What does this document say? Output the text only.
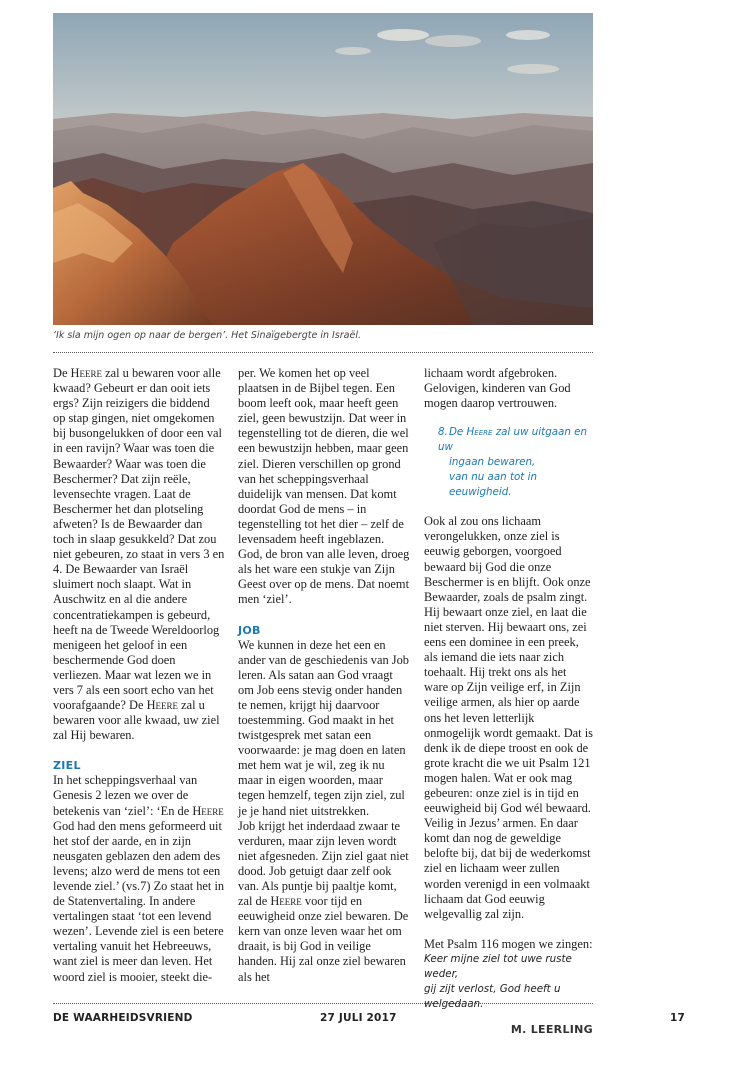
‘Ik sla mijn ogen op naar de bergen’. Het Sinaïgebergte in Israël.

De Heere zal u bewaren voor alle kwaad? Gebeurt er dan ooit iets ergs? Zijn reizigers die biddend op stap gingen, niet omgekomen bij busongelukken of door een val in een ravijn? Waar was toen die Bewaarder? Waar was toen die Beschermer? Dat zijn reële, levensechte vragen. Laat de Beschermer het dan plotseling afweten? Is de Bewaarder dan toch in slaap gesukkeld? Dat zou niet gebeuren, zo staat in vers 3 en 4. De Bewaarder van Israël sluimert noch slaapt. Wat in Auschwitz en al die andere concentratiekampen is gebeurd, heeft na de Tweede Wereldoorlog menigeen het geloof in een beschermende God doen verliezen. Maar wat lezen we in vers 7 als een soort echo van het voorafgaande? De Heere zal u bewaren voor alle kwaad, uw ziel zal Hij bewaren.

ZIEL

In het scheppingsverhaal van Genesis 2 lezen we over de betekenis van ‘ziel’: ‘En de Heere God had den mens geformeerd uit het stof der aarde, en in zijn neusgaten geblazen den adem des levens; alzo werd de mens tot een levende ziel.’ (vs.7) Zo staat het in de Statenvertaling. In andere vertalingen staat ‘tot een levend wezen’. Levende ziel is een betere vertaling vanuit het Hebreeuws, want ziel is meer dan leven. Het woord ziel is mooier, steekt die-

per. We komen het op veel plaatsen in de Bijbel tegen. Een boom leeft ook, maar heeft geen ziel, geen bewustzijn. Dat weer in tegenstelling tot de dieren, die wel een bewustzijn hebben, maar geen ziel. Dieren verschillen op grond van het scheppingsverhaal duidelijk van mensen. Dat komt doordat God de mens – in tegenstelling tot het dier – zelf de levensadem heeft ingeblazen. God, de bron van alle leven, droeg als het ware een stukje van Zijn Geest over op de mens. Dat noemt men ‘ziel’.

JOB

We kunnen in deze het een en ander van de geschiedenis van Job leren. Als satan aan God vraagt om Job eens stevig onder handen te nemen, krijgt hij daarvoor toestemming. God maakt in het twistgesprek met satan een voorwaarde: je mag doen en laten met hem wat je wil, zeg ik nu maar in eigen woorden, maar tegen hemzelf, tegen zijn ziel, zul je je hand niet uitstrekken.

Job krijgt het inderdaad zwaar te verduren, maar zijn leven wordt niet afgesneden. Zijn ziel gaat niet dood. Job getuigt daar zelf ook van. Als puntje bij paaltje komt, zal de Heere voor tijd en eeuwigheid onze ziel bewaren. De kern van onze leven waar het om draait, is bij God in veilige handen. Hij zal onze ziel bewaren als het

lichaam wordt afgebroken. Gelovigen, kinderen van God mogen daarop vertrouwen.

8.De Heere zal uw uitgaan en uw
ingaan bewaren,
van nu aan tot in eeuwigheid.

Ook al zou ons lichaam verongelukken, onze ziel is eeuwig geborgen, voorgoed bewaard bij God die onze Beschermer is en blijft. Ook onze Bewaarder, zoals de psalm zingt. Hij bewaart onze ziel, en laat die niet sterven. Hij bewaart ons, zei eens een dominee in een preek, als iemand die iets naar zich toehaalt. Hij trekt ons als het ware op Zijn veilige erf, in Zijn veilige armen, als hier op aarde ons het leven letterlijk onmogelijk wordt gemaakt. Dat is denk ik de diepe troost en ook de grote kracht die we uit Psalm 121 mogen halen. Wat er ook mag gebeuren: onze ziel is in tijd en eeuwigheid bij God wél bewaard. Veilig in Jezus’ armen. En daar komt dan nog de geweldige belofte bij, dat bij de wederkomst ziel en lichaam weer zullen worden verenigd in een volmaakt lichaam dat God eeuwig welgevallig zal zijn.

Met Psalm 116 mogen we zingen:

Keer mijne ziel tot uwe ruste weder,
gij zijt verlost, God heeft u welgedaan.
M. LEERLING
DE WAARHEIDSVRIEND	27 JULI 2017	17
